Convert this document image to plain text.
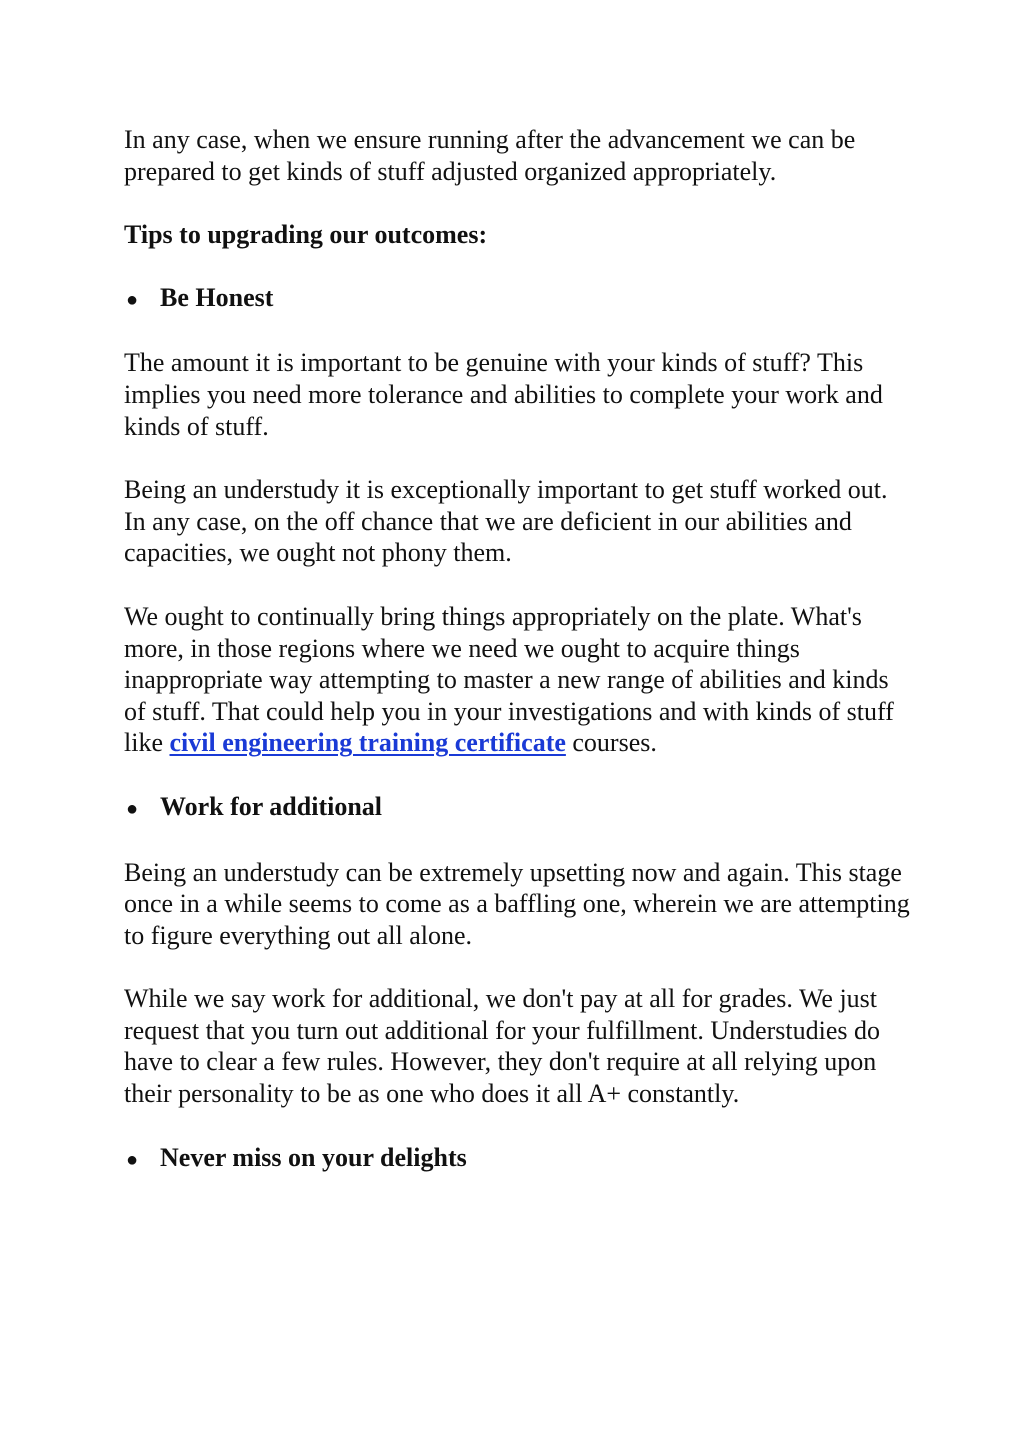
In any case, when we ensure running after the advancement we can be prepared to get kinds of stuff adjusted organized appropriately.

Tips to upgrading our outcomes:

● Be Honest

The amount it is important to be genuine with your kinds of stuff? This implies you need more tolerance and abilities to complete your work and kinds of stuff.

Being an understudy it is exceptionally important to get stuff worked out. In any case, on the off chance that we are deficient in our abilities and capacities, we ought not phony them.

We ought to continually bring things appropriately on the plate. What's more, in those regions where we need we ought to acquire things inappropriate way attempting to master a new range of abilities and kinds of stuff. That could help you in your investigations and with kinds of stuff like civil engineering training certificate courses.

● Work for additional

Being an understudy can be extremely upsetting now and again. This stage once in a while seems to come as a baffling one, wherein we are attempting to figure everything out all alone.

While we say work for additional, we don't pay at all for grades. We just request that you turn out additional for your fulfillment. Understudies do have to clear a few rules. However, they don't require at all relying upon their personality to be as one who does it all A+ constantly.

● Never miss on your delights
